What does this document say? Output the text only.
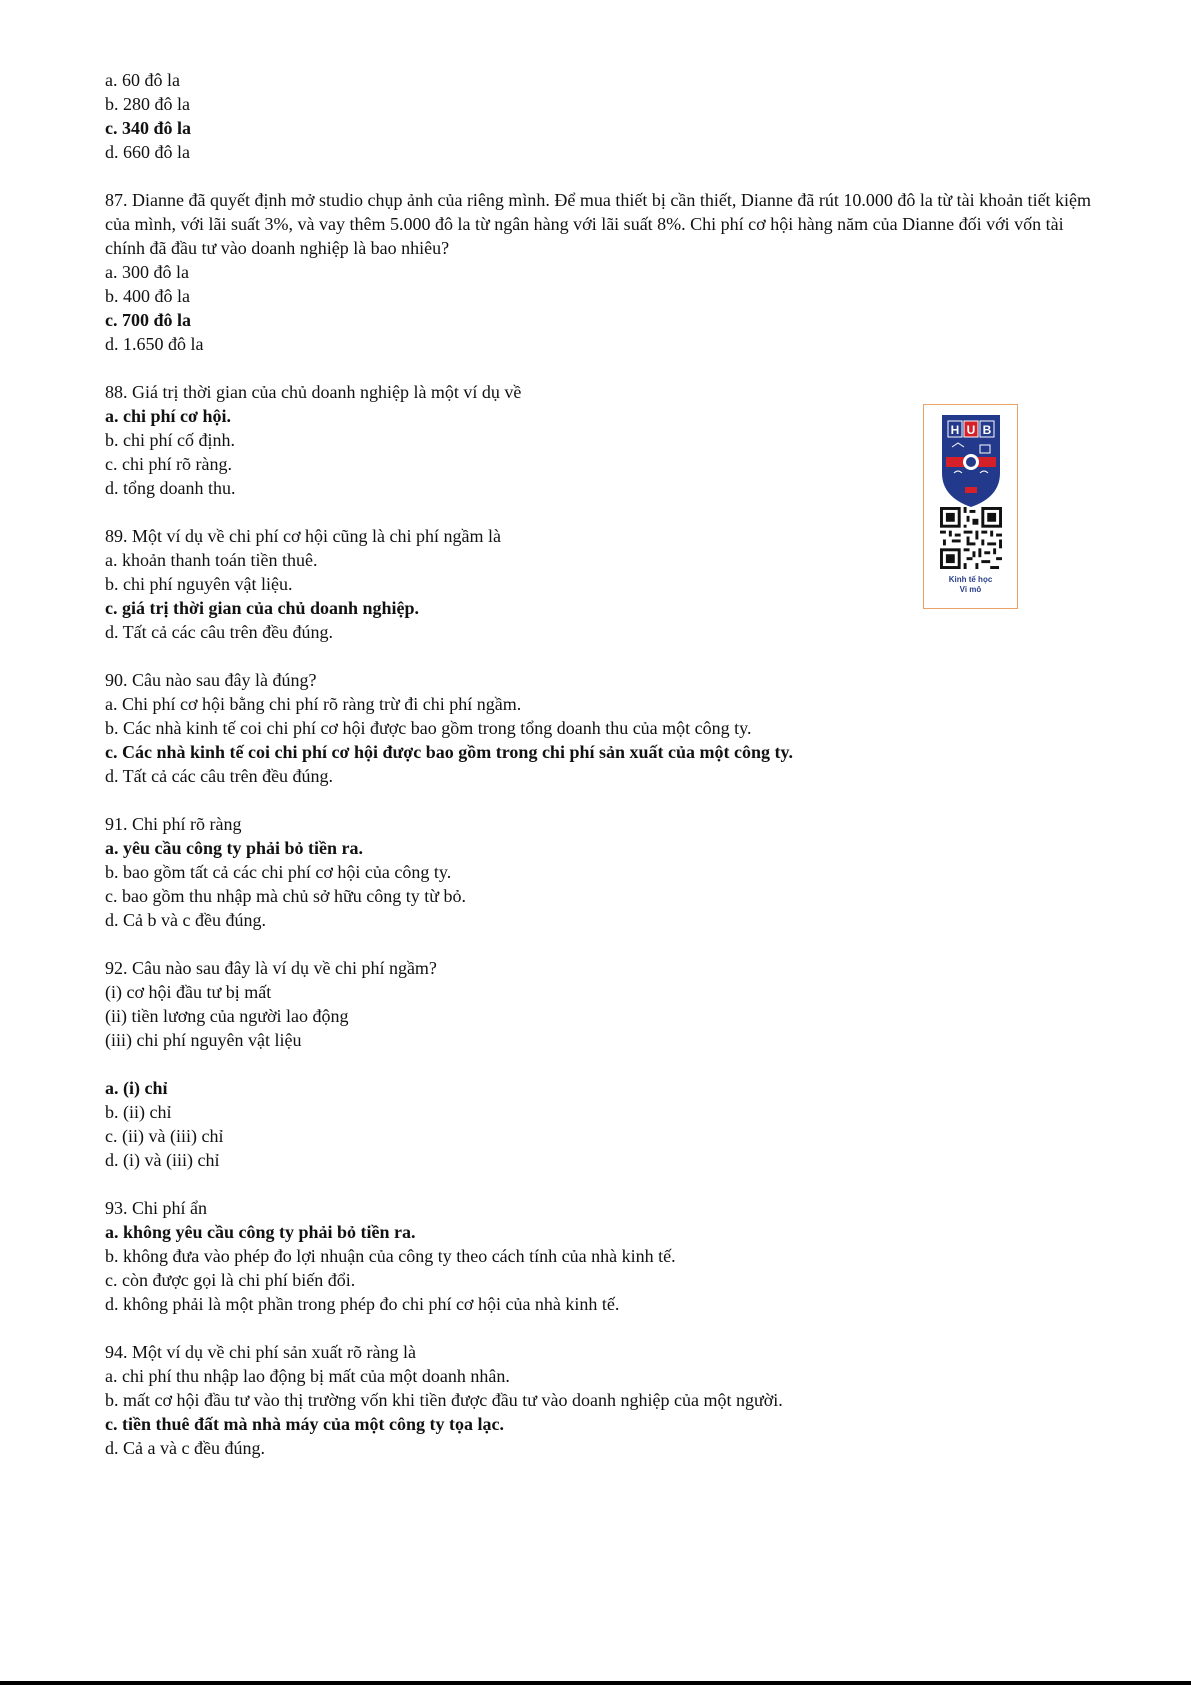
a. 60 đô la

b. 280 đô la

c. 340 đô la

d. 660 đô la

87. Dianne đã quyết định mở studio chụp ảnh của riêng mình. Để mua thiết bị cần thiết, Dianne đã rút 10.000 đô la từ tài khoản tiết kiệm của mình, với lãi suất 3%, và vay thêm 5.000 đô la từ ngân hàng với lãi suất 8%. Chi phí cơ hội hàng năm của Dianne đối với vốn tài chính đã đầu tư vào doanh nghiệp là bao nhiêu?

a. 300 đô la

b. 400 đô la

c. 700 đô la

d. 1.650 đô la

88. Giá trị thời gian của chủ doanh nghiệp là một ví dụ về

a. chi phí cơ hội.

b. chi phí cố định.

c. chi phí rõ ràng.

d. tổng doanh thu.

89. Một ví dụ về chi phí cơ hội cũng là chi phí ngầm là

a. khoản thanh toán tiền thuê.

b. chi phí nguyên vật liệu.

c. giá trị thời gian của chủ doanh nghiệp.

d. Tất cả các câu trên đều đúng.

90. Câu nào sau đây là đúng?

a. Chi phí cơ hội bằng chi phí rõ ràng trừ đi chi phí ngầm.

b. Các nhà kinh tế coi chi phí cơ hội được bao gồm trong tổng doanh thu của một công ty.

c. Các nhà kinh tế coi chi phí cơ hội được bao gồm trong chi phí sản xuất của một công ty.

d. Tất cả các câu trên đều đúng.

91. Chi phí rõ ràng

a. yêu cầu công ty phải bỏ tiền ra.

b. bao gồm tất cả các chi phí cơ hội của công ty.

c. bao gồm thu nhập mà chủ sở hữu công ty từ bỏ.

d. Cả b và c đều đúng.

92. Câu nào sau đây là ví dụ về chi phí ngầm?

(i) cơ hội đầu tư bị mất

(ii) tiền lương của người lao động

(iii) chi phí nguyên vật liệu

a. (i) chỉ

b. (ii) chỉ

c. (ii) và (iii) chỉ

d. (i) và (iii) chỉ

93. Chi phí ẩn

a. không yêu cầu công ty phải bỏ tiền ra.

b. không đưa vào phép đo lợi nhuận của công ty theo cách tính của nhà kinh tế.

c. còn được gọi là chi phí biến đổi.

d. không phải là một phần trong phép đo chi phí cơ hội của nhà kinh tế.

94. Một ví dụ về chi phí sản xuất rõ ràng là

a. chi phí thu nhập lao động bị mất của một doanh nhân.

b. mất cơ hội đầu tư vào thị trường vốn khi tiền được đầu tư vào doanh nghiệp của một người.

c. tiền thuê đất mà nhà máy của một công ty tọa lạc.

d. Cả a và c đều đúng.

H U B
Kinh tế học
Vi mô
